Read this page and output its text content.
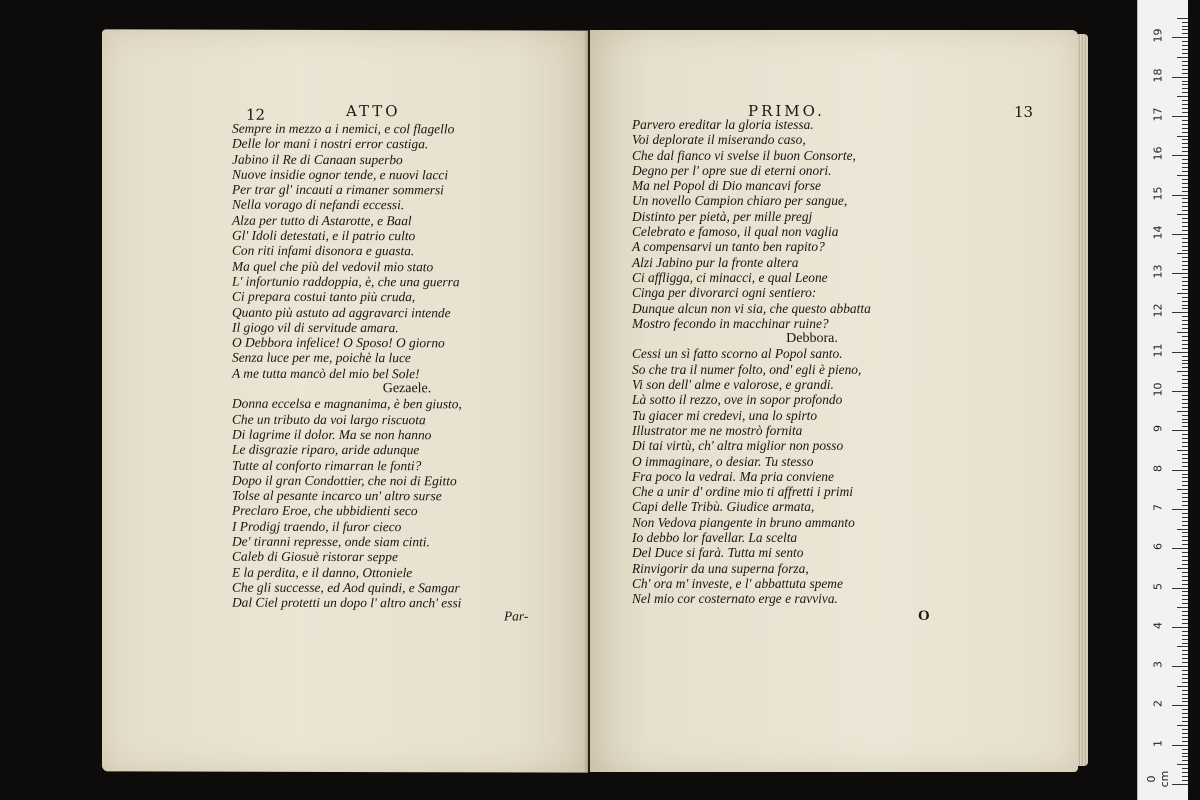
12	ATTO
Sempre in mezzo a i nemici, e col flagello
Delle lor mani i nostri error castiga.
Jabino il Re di Canaan superbo
Nuove insidie ognor tende, e nuovi lacci
Per trar gl' incauti a rimaner sommersi
Nella vorago di nefandi eccessi.
Alza per tutto di Astarotte, e Baal
Gl' Idoli detestati, e il patrio culto
Con riti infami disonora e guasta.
Ma quel che più del vedovil mio stato
L' infortunio raddoppia, è, che una guerra
Ci prepara costui tanto più cruda,
Quanto più astuto ad aggravarci intende
Il giogo vil di servitude amara.
O Debbora infelice! O Sposo! O giorno
Senza luce per me, poichè la luce
A me tutta mancò del mio bel Sole!
Gezaele.
Donna eccelsa e magnanima, è ben giusto,
Che un tributo da voi largo riscuota
Di lagrime il dolor. Ma se non hanno
Le disgrazie riparo, aride adunque
Tutte al conforto rimarran le fonti?
Dopo il gran Condottier, che noi di Egitto
Tolse al pesante incarco un' altro surse
Preclaro Eroe, che ubbidienti seco
I Prodigj traendo, il furor cieco
De' tiranni represse, onde siam cinti.
Caleb di Giosuè ristorar seppe
E la perdita, e il danno, Ottoniele
Che gli successe, ed Aod quindi, e Samgar
Dal Ciel protetti un dopo l' altro anch' essi
Par-
PRIMO.	13
Parvero ereditar la gloria istessa.
Voi deplorate il miserando caso,
Che dal fianco vi svelse il buon Consorte,
Degno per l' opre sue di eterni onori.
Ma nel Popol di Dio mancavi forse
Un novello Campion chiaro per sangue,
Distinto per pietà, per mille pregj
Celebrato e famoso, il qual non vaglia
A compensarvi un tanto ben rapito?
Alzi Jabino pur la fronte altera
Ci affligga, ci minacci, e qual Leone
Cinga per divorarci ogni sentiero:
Dunque alcun non vi sia, che questo abbatta
Mostro fecondo in macchinar ruine?
Debbora.
Cessi un sì fatto scorno al Popol santo.
So che tra il numer folto, ond' egli è pieno,
Vi son dell' alme e valorose, e grandi.
Là sotto il rezzo, ove in sopor profondo
Tu giacer mi credevi, una lo spirto
Illustrator me ne mostrò fornita
Di tai virtù, ch' altra miglior non posso
O immaginare, o desiar. Tu stesso
Fra poco la vedrai. Ma pria conviene
Che a unir d' ordine mio ti affretti i primi
Capi delle Tribù. Giudice armata,
Non Vedova piangente in bruno ammanto
Io debbo lor favellar. La scelta
Del Duce si farà. Tutta mi sento
Rinvigorir da una superna forza,
Ch' ora m' investe, e l' abbattuta speme
Nel mio cor costernato erge e ravviva.
O
0 cm
1
2
3
4
5
6
7
8
9
10
11
12
13
14
15
16
17
18
19
